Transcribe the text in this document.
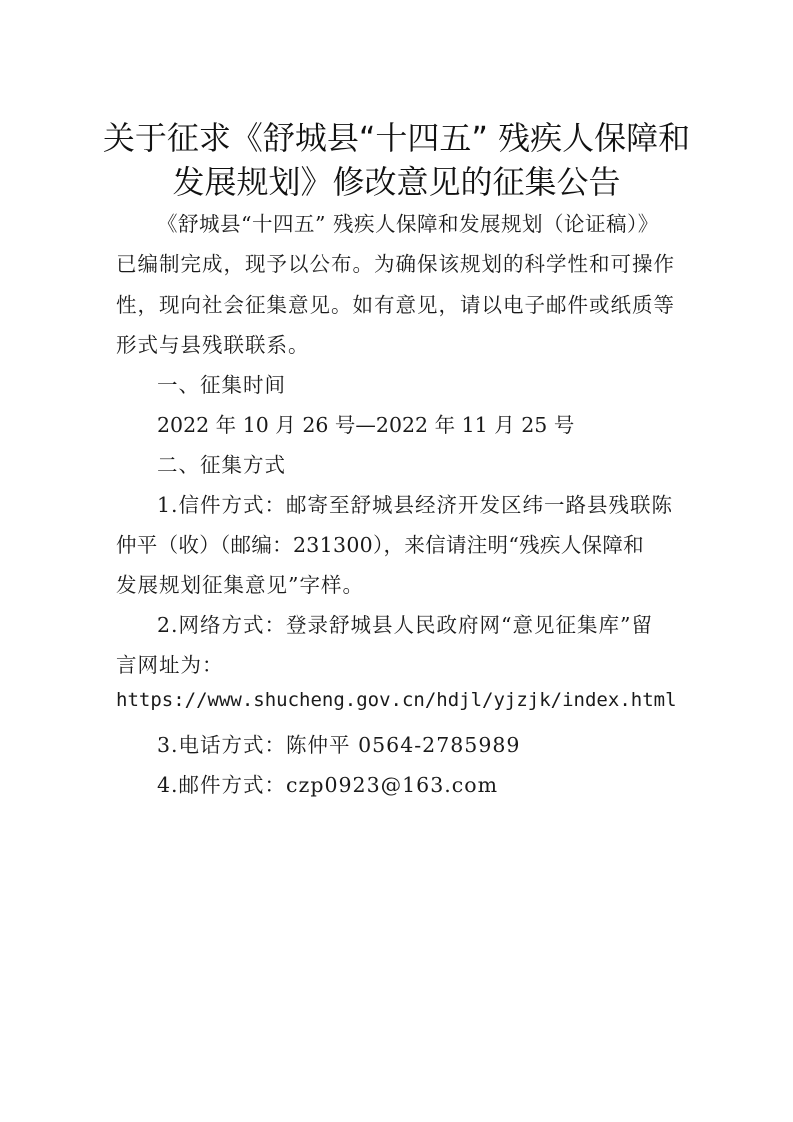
关于征求《舒城县“十四五” 残疾人保障和
发展规划》修改意见的征集公告
《舒城县“十四五” 残疾人保障和发展规划（论证稿）》
已编制完成，现予以公布。为确保该规划的科学性和可操作
性，现向社会征集意见。如有意见，请以电子邮件或纸质等
形式与县残联联系。
一、征集时间
2022 年 10 月 26 号—2022 年 11 月 25 号
二、征集方式
1.信件方式：邮寄至舒城县经济开发区纬一路县残联陈
仲平（收）（邮编：231300），来信请注明“残疾人保障和
发展规划征集意见”字样。
2.网络方式：登录舒城县人民政府网“意见征集库”留
言网址为：
https://www.shucheng.gov.cn/hdjl/yjzjk/index.html
3.电话方式：陈仲平 0564-2785989
4.邮件方式：czp0923@163.com
